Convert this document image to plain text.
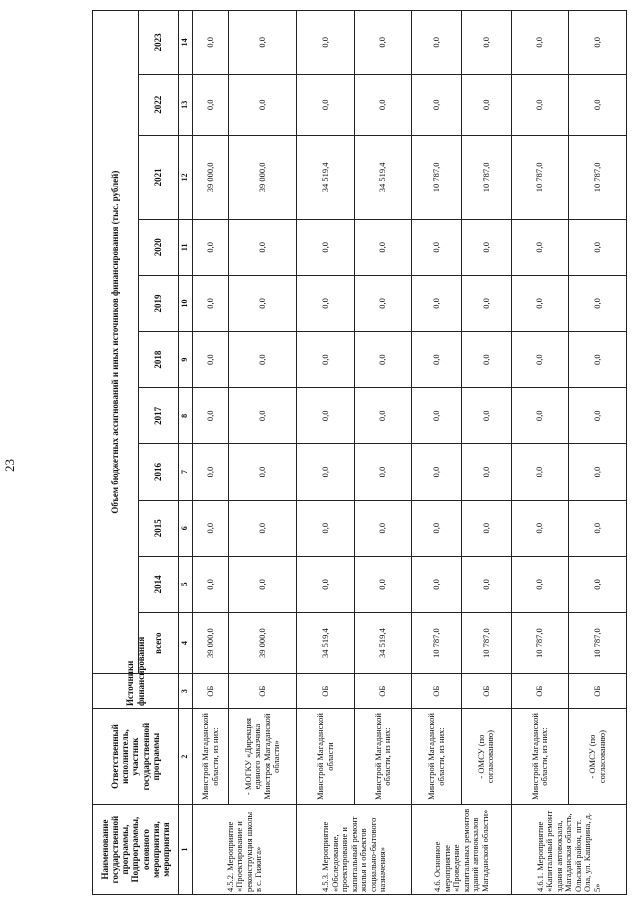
23
Наименование государственной программы, Подпрограммы, основного мероприятия, мероприятия	Ответственный исполнитель, участник государственной программы	Источники финансирования	Объем бюджетных ассигнований и иных источников финансирования (тыс. рублей)										
			всего	2014	2015	2016	2017	2018	2019	2020	2021	2022	2023
1	2	3	4	5	6	7	8	9	10	11	12	13	14
4.5.2. Мероприятие «Проектирование и реконструкция школы в с. Гижига»	Минстрой Магаданской области, из них:	ОБ	39 000,0	0,0	0,0	0,0	0,0	0,0	0,0	0,0	39 000,0	0,0	0,0
	- МОГКУ «Дирекция единого заказчика Минстроя Магаданской области»	ОБ	39 000,0	0,0	0,0	0,0	0,0	0,0	0,0	0,0	39 000,0	0,0	0,0
4.5.3. Мероприятие «Обследование, проектирование и капитальный ремонт жилья и объектов социально-бытового назначения»	Минстрой Магаданской области	ОБ	34 519,4	0,0	0,0	0,0	0,0	0,0	0,0	0,0	34 519,4	0,0	0,0
	Минстрой Магаданской области, из них:	ОБ	34 519,4	0,0	0,0	0,0	0,0	0,0	0,0	0,0	34 519,4	0,0	0,0
4.6. Основное мероприятие «Проведение капитальных ремонтов зданий автовокзалов Магаданской области»	Минстрой Магаданской области, из них:	ОБ	10 787,0	0,0	0,0	0,0	0,0	0,0	0,0	0,0	10 787,0	0,0	0,0
	- ОМСУ (по согласованию)	ОБ	10 787,0	0,0	0,0	0,0	0,0	0,0	0,0	0,0	10 787,0	0,0	0,0
4.6.1. Мероприятие «Капитальный ремонт здания автовокзала, Магаданская область, Ольский район, пгт. Ола, ул. Каширина, д. 5»	Минстрой Магаданской области, из них:	ОБ	10 787,0	0,0	0,0	0,0	0,0	0,0	0,0	0,0	10 787,0	0,0	0,0
	- ОМСУ (по согласованию)	ОБ	10 787,0	0,0	0,0	0,0	0,0	0,0	0,0	0,0	10 787,0	0,0	0,0
